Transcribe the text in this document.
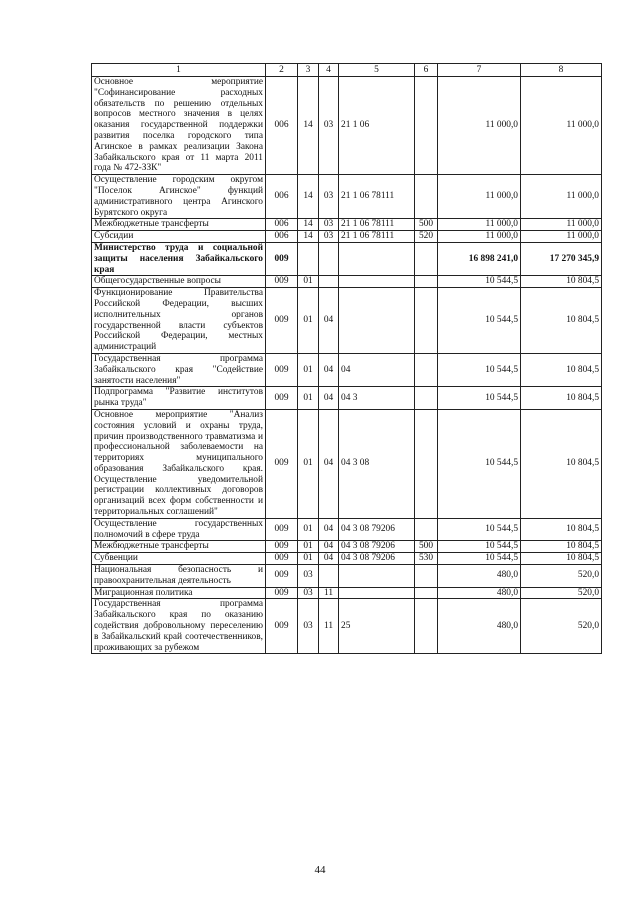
1	2	3	4	5	6	7	8
Основное мероприятие "Софинансирование расходных обязательств по решению отдельных вопросов местного значения в целях оказания государственной поддержки развития поселка городского типа Агинское в рамках реализации Закона Забайкальского края от 11 марта 2011 года № 472-ЗЗК"	006	14	03	21 1 06		11 000,0	11 000,0
Осуществление городским округом "Поселок Агинское" функций административного центра Агинского Бурятского округа	006	14	03	21 1 06 78111		11 000,0	11 000,0
Межбюджетные трансферты	006	14	03	21 1 06 78111	500	11 000,0	11 000,0
Субсидии	006	14	03	21 1 06 78111	520	11 000,0	11 000,0
Министерство труда и социальной защиты населения Забайкальского края	009					16 898 241,0	17 270 345,9
Общегосударственные вопросы	009	01				10 544,5	10 804,5
Функционирование Правительства Российской Федерации, высших исполнительных органов государственной власти субъектов Российской Федерации, местных администраций	009	01	04			10 544,5	10 804,5
Государственная программа Забайкальского края "Содействие занятости населения"	009	01	04	04		10 544,5	10 804,5
Подпрограмма "Развитие институтов рынка труда"	009	01	04	04 3		10 544,5	10 804,5
Основное мероприятие "Анализ состояния условий и охраны труда, причин производственного травматизма и профессиональной заболеваемости на территориях муниципального образования Забайкальского края. Осуществление уведомительной регистрации коллективных договоров организаций всех форм собственности и территориальных соглашений"	009	01	04	04 3 08		10 544,5	10 804,5
Осуществление государственных полномочий в сфере труда	009	01	04	04 3 08 79206		10 544,5	10 804,5
Межбюджетные трансферты	009	01	04	04 3 08 79206	500	10 544,5	10 804,5
Субвенции	009	01	04	04 3 08 79206	530	10 544,5	10 804,5
Национальная безопасность и правоохранительная деятельность	009	03				480,0	520,0
Миграционная политика	009	03	11			480,0	520,0
Государственная программа Забайкальского края по оказанию содействия добровольному переселению в Забайкальский край соотечественников, проживающих за рубежом	009	03	11	25		480,0	520,0
44
